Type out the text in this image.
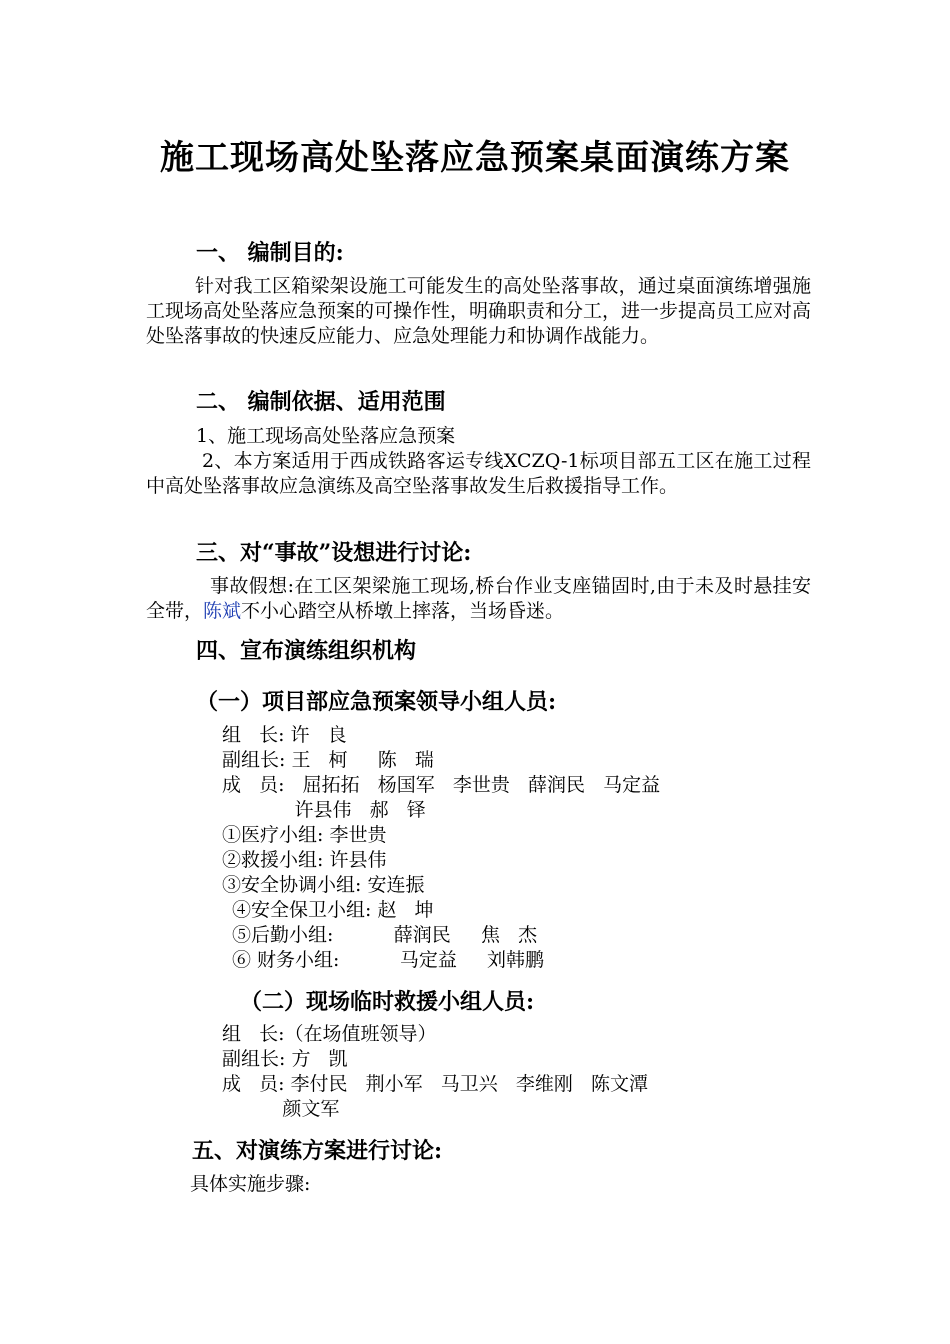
施工现场高处坠落应急预案桌面演练方案
一、 编制目的:
针对我工区箱梁架设施工可能发生的高处坠落事故，通过桌面演练增强施工现场高处坠落应急预案的可操作性，明确职责和分工，进一步提高员工应对高处坠落事故的快速反应能力、应急处理能力和协调作战能力。
二、 编制依据、适用范围
1、施工现场高处坠落应急预案
2、本方案适用于西成铁路客运专线XCZQ-1标项目部五工区在施工过程中高处坠落事故应急演练及高空坠落事故发生后救援指导工作。
三、对“事故”设想进行讨论:
事故假想:在工区架梁施工现场,桥台作业支座锚固时,由于未及时悬挂安全带，陈斌不小心踏空从桥墩上摔落，当场昏迷。
四、宣布演练组织机构
（一）项目部应急预案领导小组人员:
组   长: 许   良
副组长: 王   柯     陈   瑞
成   员:   屈拓拓   杨国军   李世贵   薛润民   马定益
许县伟   郝   铎
①医疗小组: 李世贵
②救援小组: 许县伟
③安全协调小组: 安连振
④安全保卫小组: 赵   坤
⑤后勤小组:          薛润民     焦   杰
⑥ 财务小组:          马定益     刘韩鹏
（二）现场临时救援小组人员:
组   长:（在场值班领导）
副组长: 方   凯
成   员: 李付民   荆小军   马卫兴   李维刚   陈文潭
颜文军
五、对演练方案进行讨论:
具体实施步骤:
